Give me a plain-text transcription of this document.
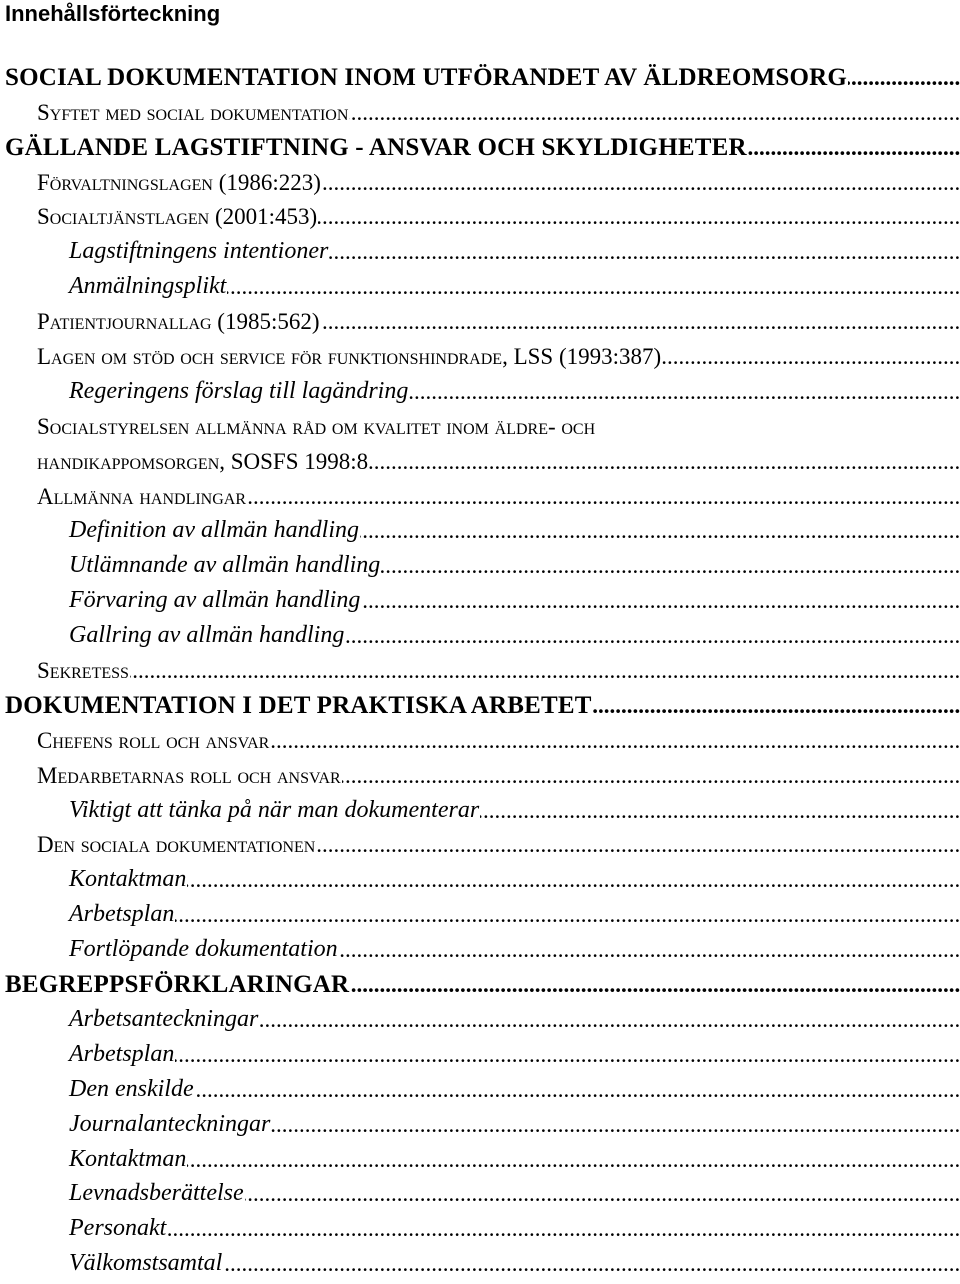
Innehållsförteckning
SOCIAL DOKUMENTATION INOM UTFÖRANDET AV ÄLDREOMSORG
.....
Syftet med social dokumentation
.....
GÄLLANDE LAGSTIFTNING - ANSVAR OCH SKYLDIGHETER
.....
Förvaltningslagen (1986:223)
.....
Socialtjänstlagen (2001:453)
.....
Lagstiftningens intentioner
.....
Anmälningsplikt
.....
Patientjournallag (1985:562)
.....
Lagen om stöd och service för funktionshindrade, LSS (1993:387)
.....
Regeringens förslag till lagändring
.....
Socialstyrelsen allmänna råd om kvalitet inom äldre- och
handikappomsorgen, SOSFS 1998:8
.....
Allmänna handlingar
.....
Definition av allmän handling
.....
Utlämnande av allmän handling
.....
Förvaring av allmän handling
.....
Gallring av allmän handling
.....
Sekretess
.....
DOKUMENTATION I DET PRAKTISKA ARBETET
.....
Chefens roll och ansvar
.....
Medarbetarnas roll och ansvar
.....
Viktigt att tänka på när man dokumenterar
.....
Den sociala dokumentationen
.....
Kontaktman
.....
Arbetsplan
.....
Fortlöpande dokumentation
.....
BEGREPPSFÖRKLARINGAR
.....
Arbetsanteckningar
.....
Arbetsplan
.....
Den enskilde
.....
Journalanteckningar
.....
Kontaktman
.....
Levnadsberättelse
.....
Personakt
.....
Välkomstsamtal
.....
